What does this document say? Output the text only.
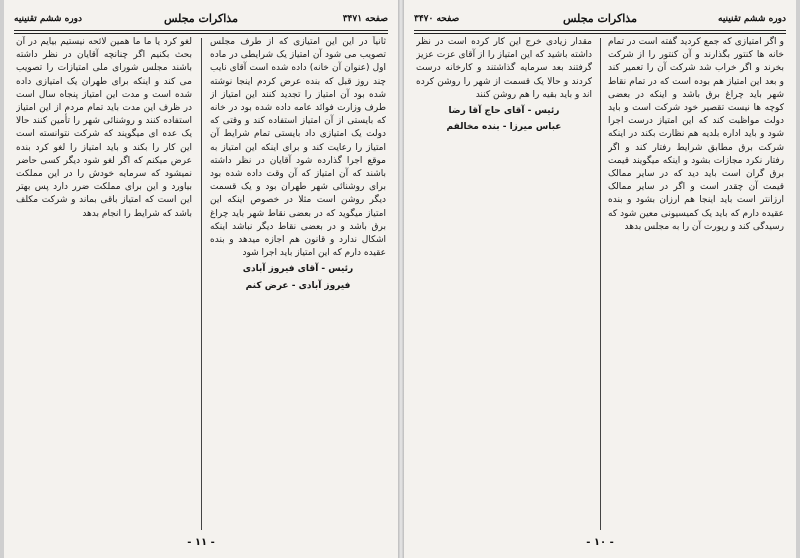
صفحه ۳۴۷۱
مذاکرات مجلس
دوره ششم تقنینیه

ثانیاً در این این امتیازی که از طرف مجلس تصویب می شود آن امتیاز یک شرایطی در ماده اول (عنوان آن خانه) داده شده است آقای نایب چند روز قبل که بنده عرض کردم اینجا نوشته شده بود آن امتیاز را تجدید کنند این امتیاز از طرف وزارت فوائد عامه داده شده بود در خانه که بایستی از آن امتیاز استفاده کند و وقتی که دولت یک امتیازی داد بایستی تمام شرایط آن امتیاز را رعایت کند و برای اینکه این امتیاز به موقع اجرا گذارده شود آقایان در نظر داشته باشند که آن امتیاز که آن وقت داده شده بود برای روشنائی شهر طهران بود و یک قسمت دیگر روشن است مثلا در خصوص اینکه این امتیاز میگوید که در بعضی نقاط شهر باید چراغ برق باشد و در بعضی نقاط دیگر نباشد اینکه اشکال ندارد و قانون هم اجازه میدهد و بنده عقیده دارم که این امتیاز باید اجرا شود

رئیس - آقای فیروز آبادی

فیروز آبادی - عرض کنم

لغو کرد یا ما ما همین لائحه نیستیم بیایم در آن بحث بکنیم اگر چنانچه آقایان در نظر داشته باشند مجلس شورای ملی امتیازات را تصویب می کند و اینکه برای طهران یک امتیازی داده شده است و مدت این امتیاز پنجاه سال است در ظرف این مدت باید تمام مردم از این امتیاز استفاده کنند و روشنائی شهر را تأمین کنند حالا یک عده ای میگویند که شرکت نتوانسته است این کار را بکند و باید امتیاز را لغو کرد بنده عرض میکنم که اگر لغو شود دیگر کسی حاضر نمیشود که سرمایه خودش را در این مملکت بیاورد و این برای مملکت ضرر دارد پس بهتر این است که امتیاز باقی بماند و شرکت مکلف باشد که شرایط را انجام بدهد

- ۱۱ -
دوره ششم تقنینیه
مذاکرات مجلس
صفحه ۳۴۷۰

و اگر امتیازی که جمع کردید گفته است در تمام خانه ها کنتور بگذارند و آن کنتور را از شرکت بخرند و اگر خراب شد شرکت آن را تعمیر کند و بعد این امتیاز هم بوده است که در تمام نقاط شهر باید چراغ برق باشد و اینکه در بعضی کوچه ها نیست تقصیر خود شرکت است و باید دولت مواظبت کند که این امتیاز درست اجرا شود و باید اداره بلدیه هم نظارت بکند در اینکه شرکت برق مطابق شرایط رفتار کند و اگر رفتار نکرد مجازات بشود و اینکه میگویند قیمت برق گران است باید دید که در سایر ممالک قیمت آن چقدر است و اگر در سایر ممالک ارزانتر است باید اینجا هم ارزان بشود و بنده عقیده دارم که باید یک کمیسیونی معین شود که رسیدگی کند و رپورت آن را به مجلس بدهد

مقدار زیادی خرج این کار کرده است در نظر داشته باشید که این امتیاز را از آقای عزت عزیز گرفتند بعد سرمایه گذاشتند و کارخانه درست کردند و حالا یک قسمت از شهر را روشن کرده اند و باید بقیه را هم روشن کنند

رئیس - آقای حاج آقا رضا

عباس میرزا - بنده مخالفم

- ۱۰ -
